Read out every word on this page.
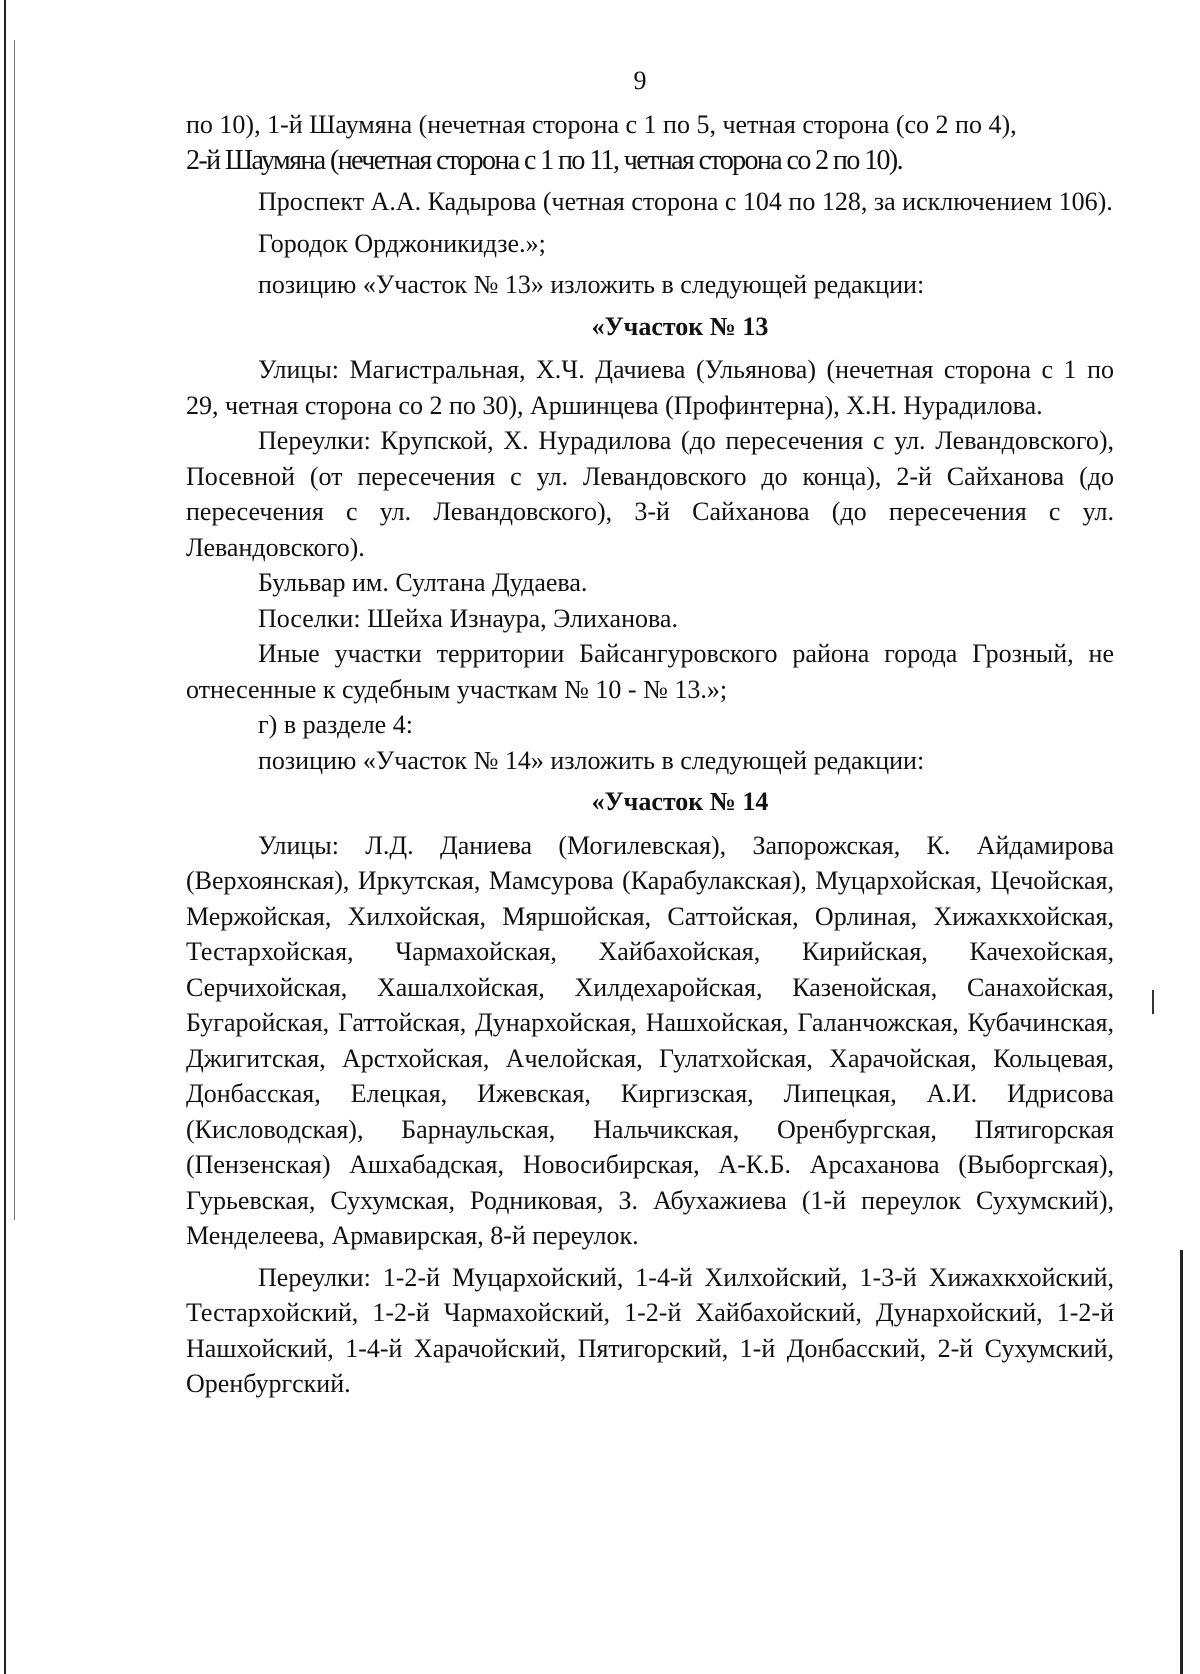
9

по 10), 1-й Шаумяна (нечетная сторона с 1 по 5, четная сторона (со 2 по 4),

2-й Шаумяна (нечетная сторона с 1 по 11, четная сторона со 2 по 10).

Проспект А.А. Кадырова (четная сторона с 104 по 128, за исключением 106).

Городок Орджоникидзе.»;

позицию «Участок № 13» изложить в следующей редакции:

«Участок № 13

Улицы: Магистральная, Х.Ч. Дачиева (Ульянова) (нечетная сторона с 1 по 29, четная сторона со 2 по 30), Аршинцева (Профинтерна), Х.Н. Нурадилова.

Переулки: Крупской, Х. Нурадилова (до пересечения с ул. Левандовского), Посевной (от пересечения с ул. Левандовского до конца), 2-й Сайханова (до пересечения с ул. Левандовского), 3-й Сайханова (до пересечения с ул. Левандовского).

Бульвар им. Султана Дудаева.

Поселки: Шейха Изнаура, Элиханова.

Иные участки территории Байсангуровского района города Грозный, не отнесенные к судебным участкам № 10 - № 13.»;

г) в разделе 4:

позицию «Участок № 14» изложить в следующей редакции:

«Участок № 14

Улицы: Л.Д. Даниева (Могилевская), Запорожская, К. Айдамирова (Верхоянская), Иркутская, Мамсурова (Карабулакская), Муцархойская, Цечойская, Мержойская, Хилхойская, Мяршойская, Саттойская, Орлиная, Хижахкхойская, Тестархойская, Чармахойская, Хайбахойская, Кирийская, Качехойская, Серчихойская, Хашалхойская, Хилдехаройская, Казенойская, Санахойская, Бугаройская, Гаттойская, Дунархойская, Нашхойская, Галанчожская, Кубачинская, Джигитская, Арстхойская, Ачелойская, Гулатхойская, Харачойская, Кольцевая, Донбасская, Елецкая, Ижевская, Киргизская, Липецкая, А.И. Идрисова (Кисловодская), Барнаульская, Нальчикская, Оренбургская, Пятигорская (Пензенская) Ашхабадская, Новосибирская, А-К.Б. Арсаханова (Выборгская), Гурьевская, Сухумская, Родниковая, З. Абухажиева (1-й переулок Сухумский), Менделеева, Армавирская, 8-й переулок.

Переулки: 1-2-й Муцархойский, 1-4-й Хилхойский, 1-3-й Хижахкхойский, Тестархойский, 1-2-й Чармахойский, 1-2-й Хайбахойский, Дунархойский, 1-2-й Нашхойский, 1-4-й Харачойский, Пятигорский, 1-й Донбасский, 2-й Сухумский, Оренбургский.
